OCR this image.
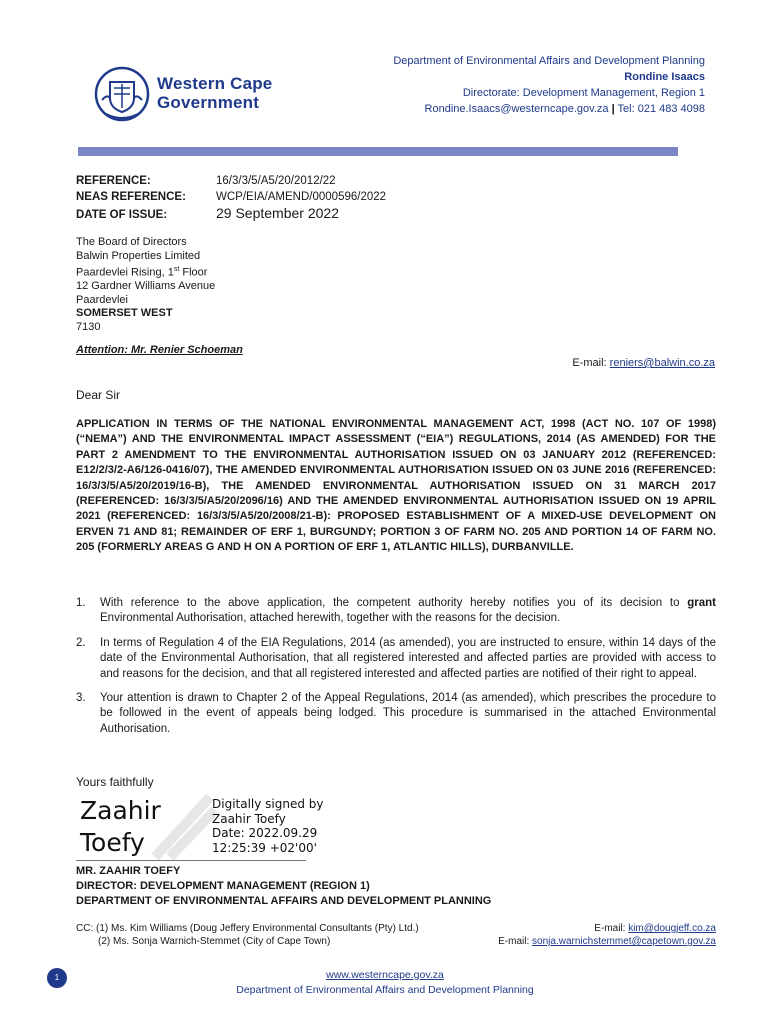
Department of Environmental Affairs and Development Planning
Rondine Isaacs
Directorate: Development Management, Region 1
Rondine.Isaacs@westerncape.gov.za | Tel: 021 483 4098
Western Cape
Government
REFERENCE:	16/3/3/5/A5/20/2012/22
NEAS REFERENCE:	WCP/EIA/AMEND/0000596/2022
DATE OF ISSUE:	29 September 2022
The Board of Directors
Balwin Properties Limited
Paardevlei Rising, 1st Floor
12 Gardner Williams Avenue
Paardevlei
SOMERSET WEST
7130
Attention: Mr. Renier Schoeman
E-mail: reniers@balwin.co.za
Dear Sir
APPLICATION IN TERMS OF THE NATIONAL ENVIRONMENTAL MANAGEMENT ACT, 1998 (ACT NO. 107 OF 1998) (“NEMA”) AND THE ENVIRONMENTAL IMPACT ASSESSMENT (“EIA”) REGULATIONS, 2014 (AS AMENDED) FOR THE PART 2 AMENDMENT TO THE ENVIRONMENTAL AUTHORISATION ISSUED ON 03 JANUARY 2012 (REFERENCED: E12/2/3/2-A6/126-0416/07), THE AMENDED ENVIRONMENTAL AUTHORISATION ISSUED ON 03 JUNE 2016 (REFERENCED: 16/3/3/5/A5/20/2019/16-B), THE AMENDED ENVIRONMENTAL AUTHORISATION ISSUED ON 31 MARCH 2017 (REFERENCED: 16/3/3/5/A5/20/2096/16) AND THE AMENDED ENVIRONMENTAL AUTHORISATION ISSUED ON 19 APRIL 2021 (REFERENCED: 16/3/3/5/A5/20/2008/21-B): PROPOSED ESTABLISHMENT OF A MIXED-USE DEVELOPMENT ON ERVEN 71 AND 81; REMAINDER OF ERF 1, BURGUNDY; PORTION 3 OF FARM NO. 205 AND PORTION 14 OF FARM NO. 205 (FORMERLY AREAS G AND H ON A PORTION OF ERF 1, ATLANTIC HILLS), DURBANVILLE.
1. With reference to the above application, the competent authority hereby notifies you of its decision to grant Environmental Authorisation, attached herewith, together with the reasons for the decision.
2. In terms of Regulation 4 of the EIA Regulations, 2014 (as amended), you are instructed to ensure, within 14 days of the date of the Environmental Authorisation, that all registered interested and affected parties are provided with access to and reasons for the decision, and that all registered interested and affected parties are notified of their right to appeal.
3. Your attention is drawn to Chapter 2 of the Appeal Regulations, 2014 (as amended), which prescribes the procedure to be followed in the event of appeals being lodged. This procedure is summarised in the attached Environmental Authorisation.
Yours faithfully
Zaahir
Toefy
Digitally signed by
Zaahir Toefy
Date: 2022.09.29
12:25:39 +02'00'
MR. ZAAHIR TOEFY
DIRECTOR: DEVELOPMENT MANAGEMENT (REGION 1)
DEPARTMENT OF ENVIRONMENTAL AFFAIRS AND DEVELOPMENT PLANNING
CC: (1) Ms. Kim Williams (Doug Jeffery Environmental Consultants (Pty) Ltd.)	E-mail: kim@dougjeff.co.za
(2) Ms. Sonja Warnich-Stemmet (City of Cape Town)	E-mail: sonja.warnichstemmet@capetown.gov.za
www.westerncape.gov.za
Department of Environmental Affairs and Development Planning
1
